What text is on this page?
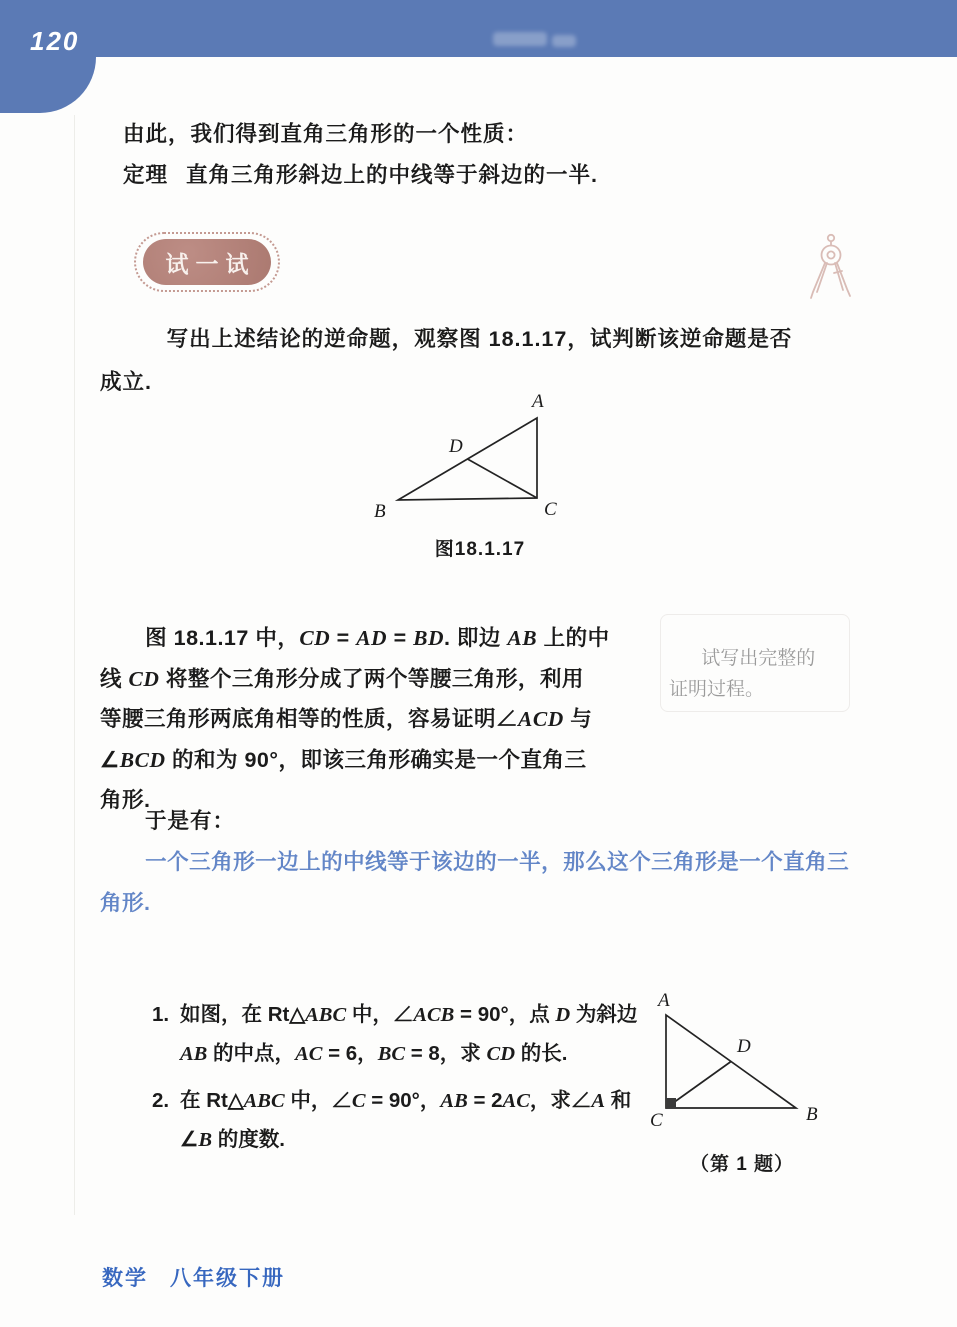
120
由此，我们得到直角三角形的一个性质：
定理 直角三角形斜边上的中线等于斜边的一半.
试一试
写出上述结论的逆命题，观察图 18.1.17，试判断该逆命题是否
成立.
A
B	C
D
图18.1.17
图 18.1.17 中，CD = AD = BD. 即边 AB 上的中
线 CD 将整个三角形分成了两个等腰三角形，利用
等腰三角形两底角相等的性质，容易证明∠ACD 与
∠BCD 的和为 90°，即该三角形确实是一个直角三
角形.
试写出完整的
证明过程。
于是有：
一个三角形一边上的中线等于该边的一半，那么这个三角形是一个直角三
角形.
1. 如图，在 Rt△ABC 中，∠ACB = 90°，点 D 为斜边
AB 的中点，AC = 6，BC = 8，求 CD 的长.
2. 在 Rt△ABC 中，∠C = 90°，AB = 2AC，求∠A 和
∠B 的度数.
A
C	B
D
（第 1 题）
数学 八年级下册
